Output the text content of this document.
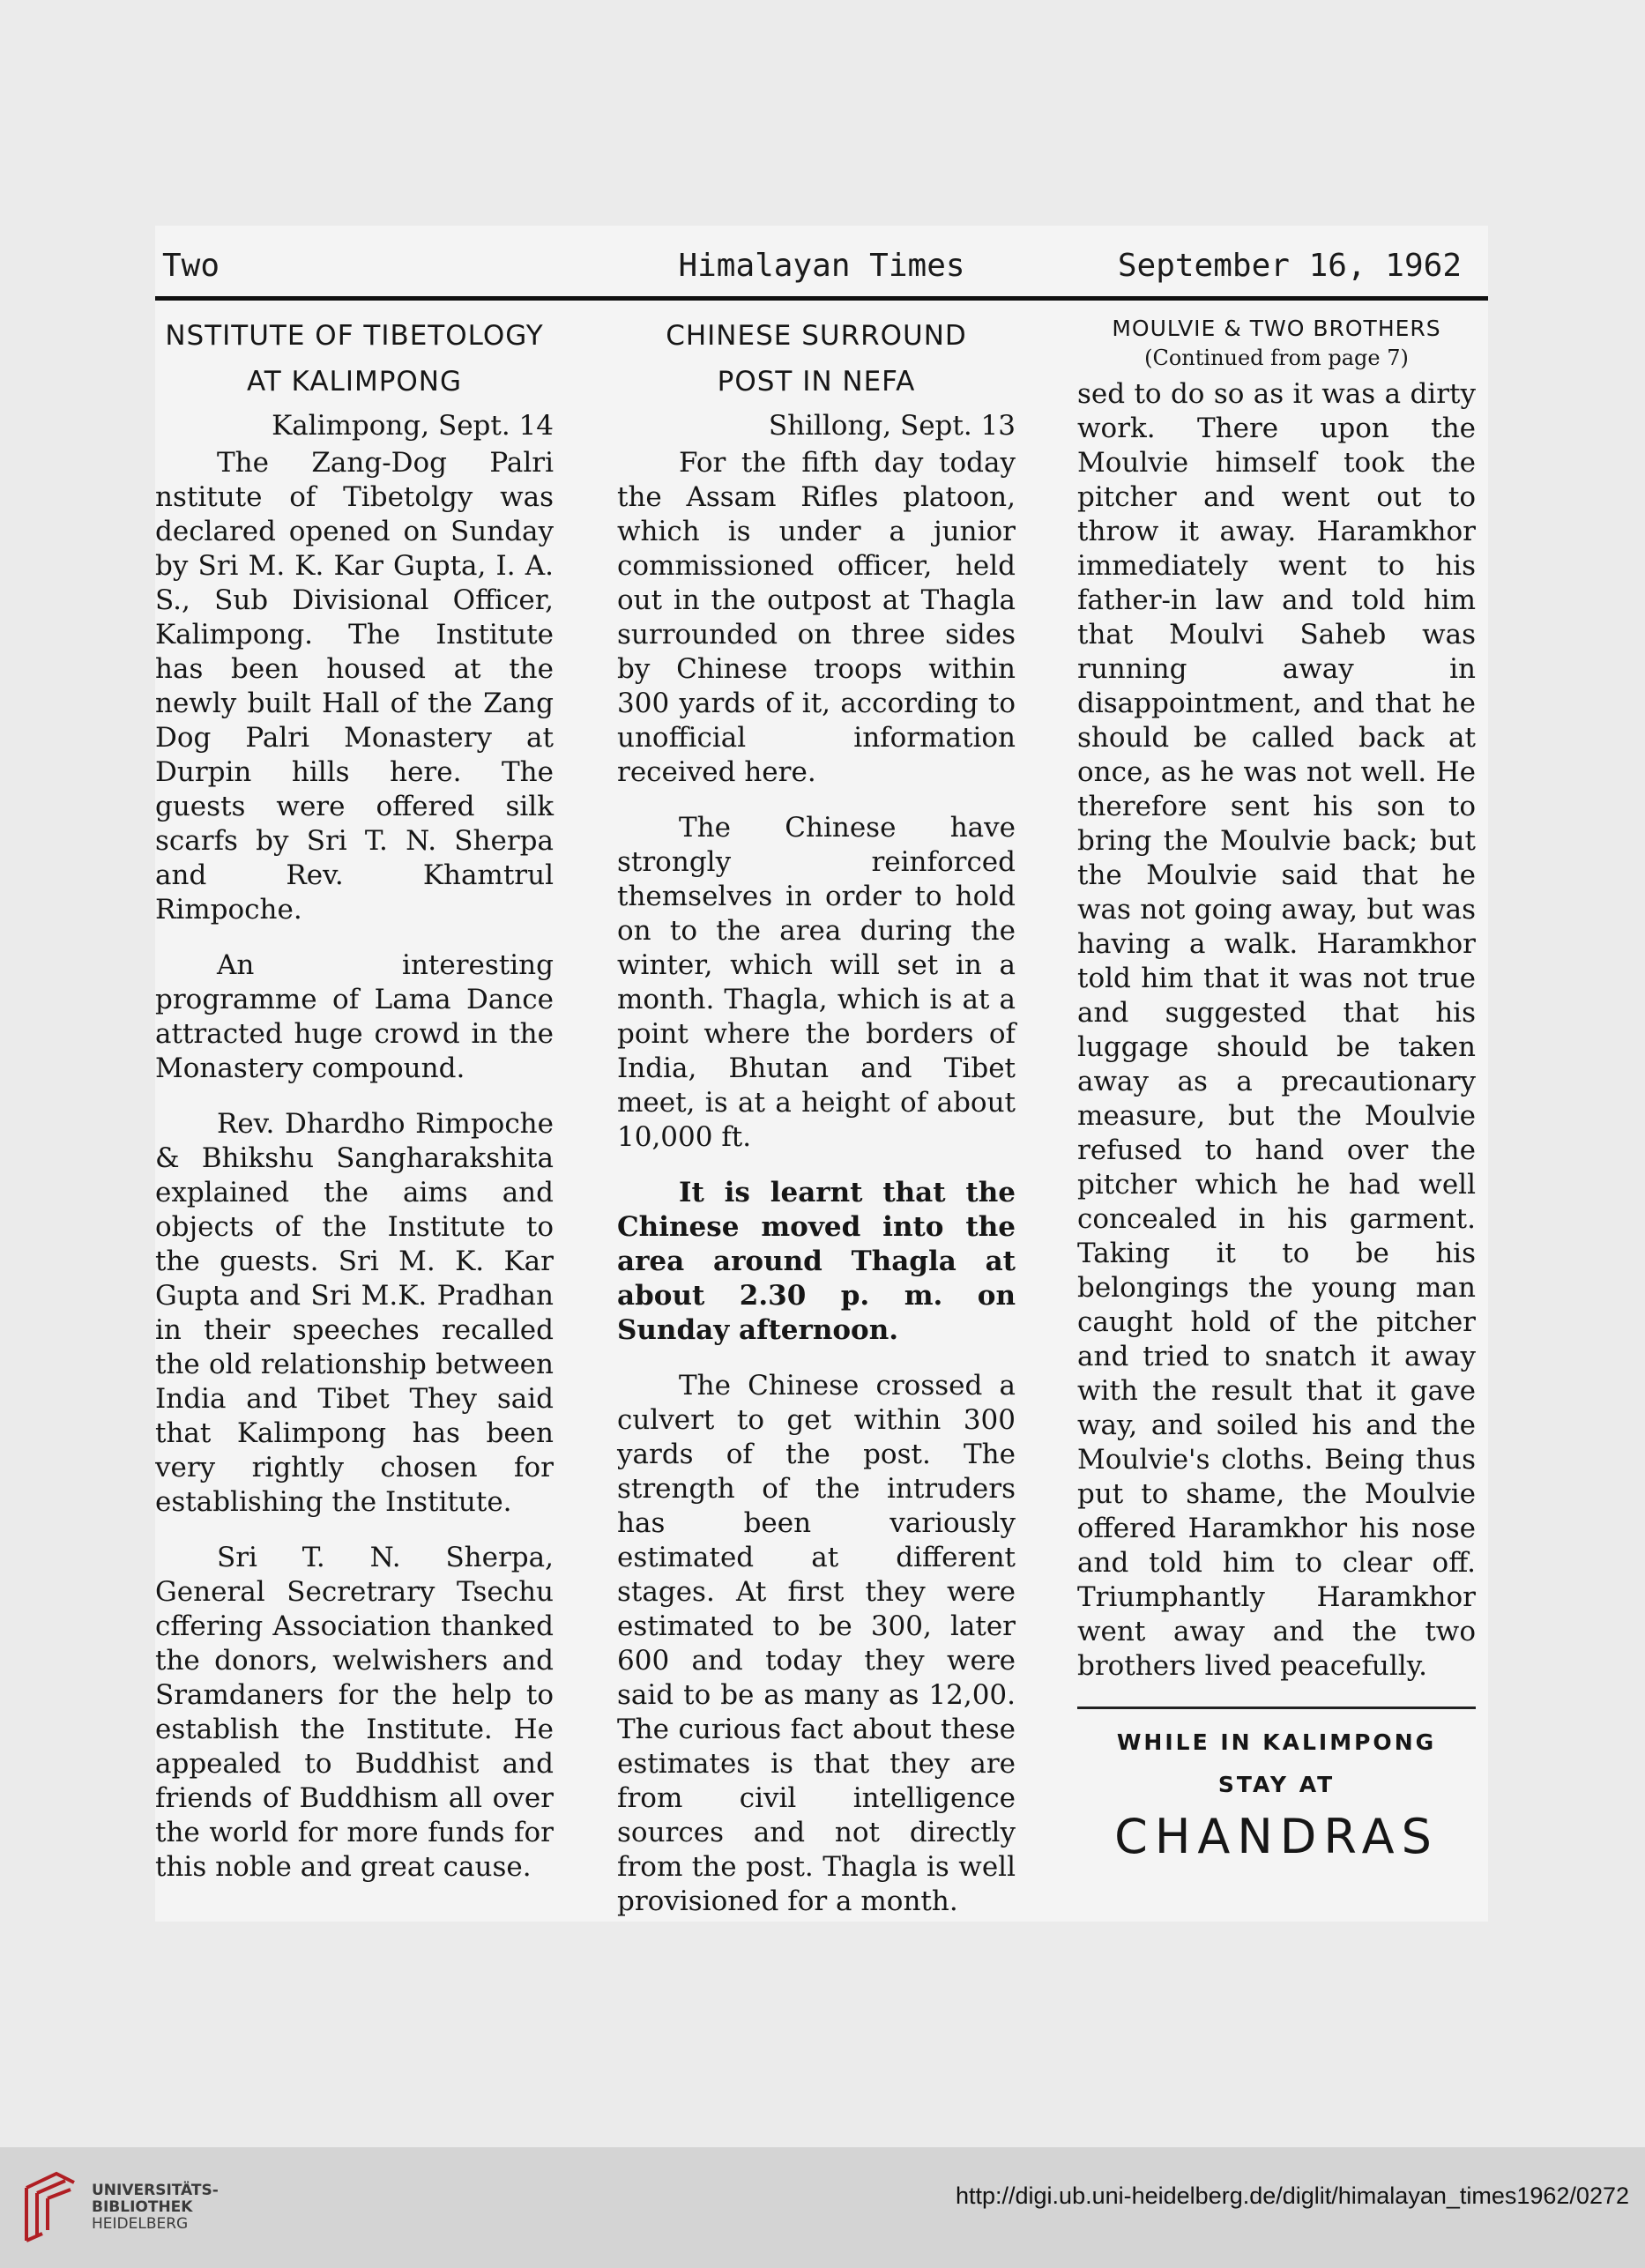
Two	Himalayan Times	September 16, 1962
NSTITUTE OF TIBETOLOGY
AT KALIMPONG
Kalimpong, Sept. 14

The Zang-Dog Palri nstitute of Tibetolgy was declared opened on Sunday by Sri M. K. Kar Gupta, I. A. S., Sub Divisional Officer, Kalimpong. The Institute has been housed at the newly built Hall of the Zang Dog Palri Monastery at Durpin hills here. The guests were offered silk scarfs by Sri T. N. Sherpa and Rev. Khamtrul Rimpoche.

An interesting programme of Lama Dance attracted huge crowd in the Monastery compound.

Rev. Dhardho Rimpoche & Bhikshu Sangharakshita explained the aims and objects of the Institute to the guests. Sri M. K. Kar Gupta and Sri M.K. Pradhan in their speeches recalled the old relationship between India and Tibet They said that Kalimpong has been very rightly chosen for establishing the Institute.

Sri T. N. Sherpa, General Secretrary Tsechu cffering Association thanked the donors, welwishers and Sramdaners for the help to establish the Institute. He appealed to Buddhist and friends of Buddhism all over the world for more funds for this noble and great cause.

CHINESE SURROUND
POST IN NEFA
Shillong, Sept. 13

For the fifth day today the Assam Rifles platoon, which is under a junior commissioned officer, held out in the outpost at Thagla surrounded on three sides by Chinese troops within 300 yards of it, according to unofficial information received here.

The Chinese have strongly reinforced themselves in order to hold on to the area during the winter, which will set in a month. Thagla, which is at a point where the borders of India, Bhutan and Tibet meet, is at a height of about 10,000 ft.

It is learnt that the Chinese moved into the area around Thagla at about 2.30 p. m. on Sunday afternoon.

The Chinese crossed a culvert to get within 300 yards of the post. The strength of the intruders has been variously estimated at different stages. At first they were estimated to be 300, later 600 and today they were said to be as many as 12,00. The curious fact about these estimates is that they are from civil intelligence sources and not directly from the post. Thagla is well provisioned for a month.

MOULVIE & TWO BROTHERS
(Continued from page 7)

sed to do so as it was a dirty work. There upon the Moulvie himself took the pitcher and went out to throw it away. Haramkhor immediately went to his father-in law and told him that Moulvi Saheb was running away in disappointment, and that he should be called back at once, as he was not well. He therefore sent his son to bring the Moulvie back; but the Moulvie said that he was not going away, but was having a walk. Haramkhor told him that it was not true and suggested that his luggage should be taken away as a precautionary measure, but the Moulvie refused to hand over the pitcher which he had well concealed in his garment. Taking it to be his belongings the young man caught hold of the pitcher and tried to snatch it away with the result that it gave way, and soiled his and the Moulvie's cloths. Being thus put to shame, the Moulvie offered Haramkhor his nose and told him to clear off. Triumphantly Haramkhor went away and the two brothers lived peacefully.

WHILE IN KALIMPONG
STAY AT
CHANDRAS
UNIVERSITÄTS-
BIBLIOTHEK
HEIDELBERG
http://digi.ub.uni-heidelberg.de/diglit/himalayan_times1962/0272
